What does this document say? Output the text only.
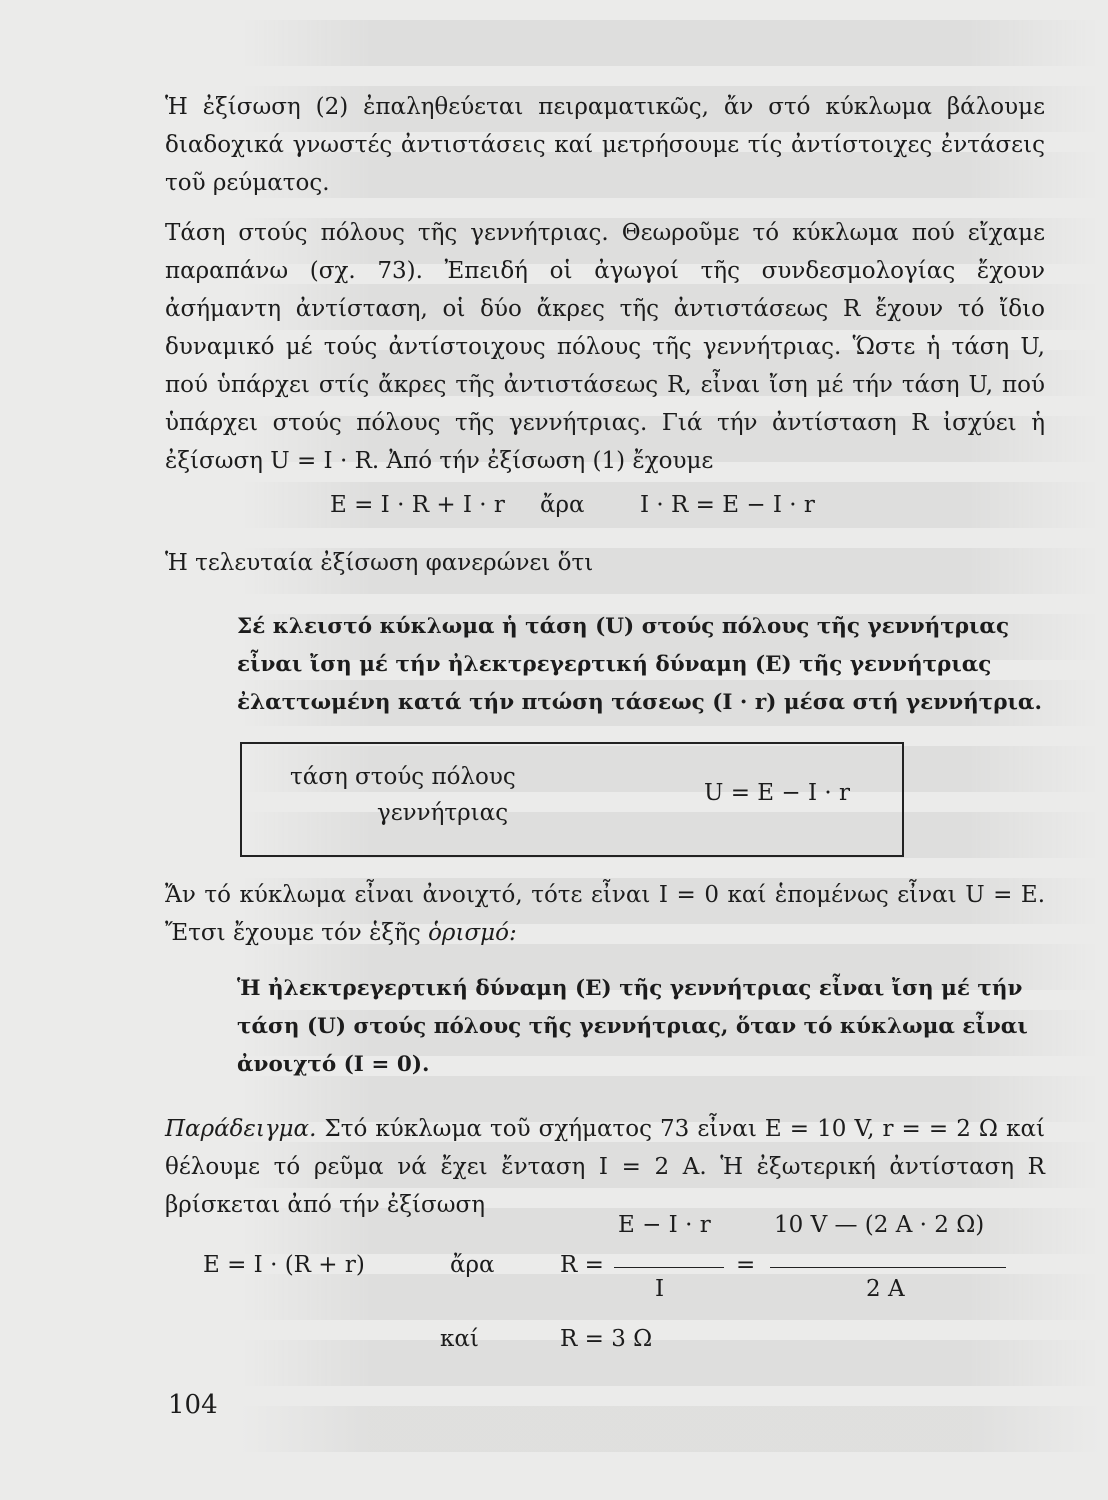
Ἡ ἐξίσωση (2) ἐπαληθεύεται πειραματικῶς, ἄν στό κύκλωμα βάλουμε διαδοχικά γνωστές ἀντιστάσεις καί μετρήσουμε τίς ἀντίστοιχες ἐντάσεις τοῦ ρεύματος.

Τάση στούς πόλους τῆς γεννήτριας. Θεωροῦμε τό κύκλωμα πού εἴχαμε παραπάνω (σχ. 73). Ἐπειδή οἱ ἀγωγοί τῆς συνδεσμολογίας ἔχουν ἀσήμαντη ἀντίσταση, οἱ δύο ἄκρες τῆς ἀντιστάσεως R ἔχουν τό ἴδιο δυναμικό μέ τούς ἀντίστοιχους πόλους τῆς γεννήτριας. Ὥστε ἡ τάση U, πού ὑπάρχει στίς ἄκρες τῆς ἀντιστάσεως R, εἶναι ἴση μέ τήν τάση U, πού ὑπάρχει στούς πόλους τῆς γεννήτριας. Γιά τήν ἀντίσταση R ἰσχύει ἡ ἐξίσωση U = I · R. Ἀπό τήν ἐξίσωση (1) ἔχουμε

E = I · R + I · r ἄρα I · R = E − I · r

Ἡ τελευταία ἐξίσωση φανερώνει ὅτι

Σέ κλειστό κύκλωμα ἡ τάση (U) στούς πόλους τῆς γεννήτριας εἶναι ἴση μέ τήν ἠλεκτρεγερτική δύναμη (E) τῆς γεννήτριας ἐλαττωμένη κατά τήν πτώση τάσεως (I · r) μέσα στή γεννήτρια.

τάση στούς πόλους
γεννήτριας
U = E − I · r

Ἄν τό κύκλωμα εἶναι ἀνοιχτό, τότε εἶναι I = 0 καί ἑπομένως εἶναι U = E. Ἔτσι ἔχουμε τόν ἑξῆς ὁρισμό:

Ἡ ἠλεκτρεγερτική δύναμη (E) τῆς γεννήτριας εἶναι ἴση μέ τήν τάση (U) στούς πόλους τῆς γεννήτριας, ὅταν τό κύκλωμα εἶναι ἀνοιχτό (I = 0).

Παράδειγμα. Στό κύκλωμα τοῦ σχήματος 73 εἶναι E = 10 V, r = = 2 Ω καί θέλουμε τό ρεῦμα νά ἔχει ἔνταση I = 2 A. Ἡ ἐξωτερική ἀντίσταση R βρίσκεται ἀπό τήν ἐξίσωση

E = I · (R + r)	ἄρα	R =
E − I · r
I
=
10 V — (2 A · 2 Ω)
2 A
καί	R = 3 Ω
104
